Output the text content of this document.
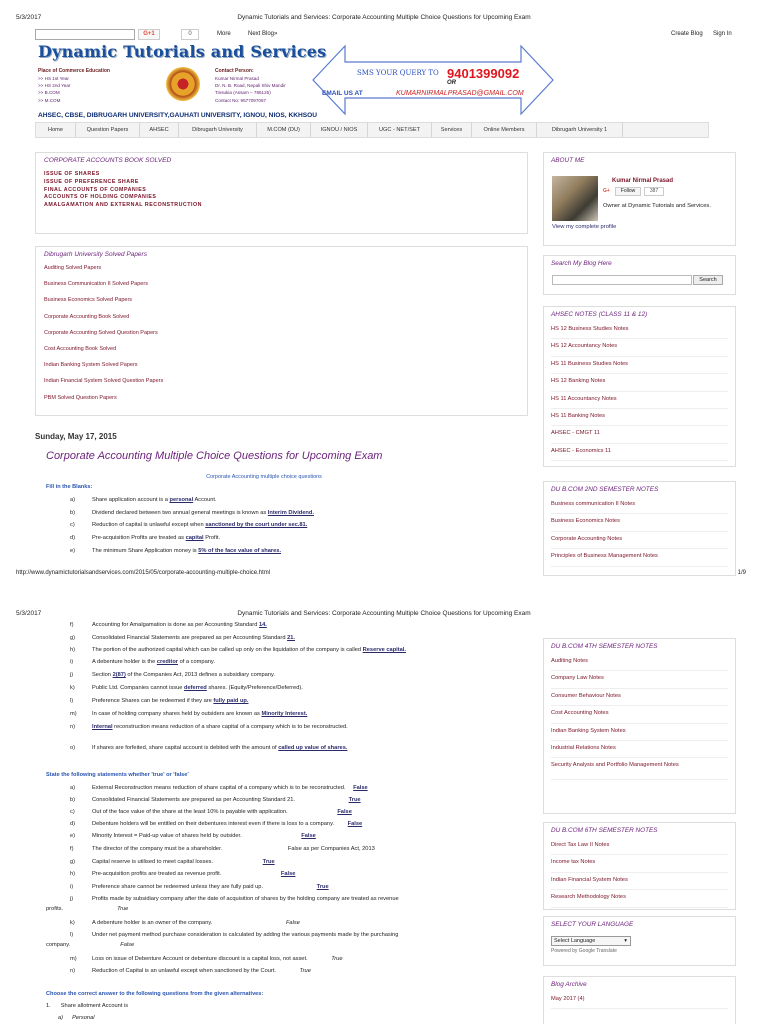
5/3/2017	Dynamic Tutorials and Services: Corporate Accounting Multiple Choice Questions for Upcoming Exam
G+1	0	More	Next Blog»	Create Blog Sign In
Dynamic Tutorials and Services
Place of Commerce Education
>> HS 1st Year
>> HS 2nd Year
>> B.COM
>> M.COM
Contact Person:
Kumar Nirmal Prasad
Dr. N. B. Road, Nepali Shiv Mandir
Tinsukia (Assam – 786125)
Contact No: 9577097067
AHSEC, CBSE, DIBRUGARH UNIVERSITY,GAUHATI UNIVERSITY, IGNOU, NIOS, KKHSOU
SMS YOUR QUERY TO 9401399092
OR
EMAIL US AT	KUMARNIRMALPRASAD@GMAIL.COM
Home	Question Papers	AHSEC	Dibrugarh University	M.COM (DU)	IGNOU / NIOS	UGC - NET/SET	Services	Online Members	Dibrugarh University 1
CORPORATE ACCOUNTS BOOK SOLVED
ISSUE OF SHARES
ISSUE OF PREFERENCE SHARE
FINAL ACCOUNTS OF COMPANIES
ACCOUNTS OF HOLDING COMPANIES
AMALGAMATION AND EXTERNAL RECONSTRUCTION
Dibrugarh University Solved Papers
Auditing Solved Papers
Business Communication II Solved Papers
Business Economics Solved Papers
Corporate Accounting Book Solved
Corporate Accounting Solved Question Papers
Cost Accounting Book Solved
Indian Banking System Solved Papers
Indian Financial System Solved Question Papers
PBM Solved Question Papers
Sunday, May 17, 2015
Corporate Accounting Multiple Choice Questions for Upcoming Exam
Corporate Accounting multiple choice questions
Fill in the Blanks:
a)	Share application account is a personal Account.
b)	Dividend declared between two annual general meetings is known as Interim Dividend.
c)	Reduction of capital is unlawful except when sanctioned by the court under sec.81.
d)	Pre-acquisition Profits are treated as capital Profit.
e)	The minimum Share Application money is 5% of the face value of shares.
ABOUT ME
Kumar Nirmal Prasad
G+	Follow	387
Owner at Dynamic Tutorials and Services.
View my complete profile
Search My Blog Here
AHSEC NOTES (CLASS 11 & 12)
HS 12 Business Studies Notes
HS 12 Accountancy Notes
HS 11 Business Studies Notes
HS 12 Banking Notes
HS 11 Accountancy Notes
HS 11 Banking Notes
AHSEC - CMGT 11
AHSEC - Economics 11
DU B.COM 2ND SEMESTER NOTES
Business communication II Notes
Business Economics Notes
Corporate Accounting Notes
Principles of Business Management Notes
Search
http://www.dynamictutorialsandservices.com/2015/05/corporate-accounting-multiple-choice.html	1/9
5/3/2017	Dynamic Tutorials and Services: Corporate Accounting Multiple Choice Questions for Upcoming Exam
f)	Accounting for Amalgamation is done as per Accounting Standard 14.
g)	Consolidated Financial Statements are prepared as per Accounting Standard 21.
h)	The portion of the authorized capital which can be called up only on the liquidation of the company is called Reserve capital.
i)	A debenture holder is the creditor of a company.
j)	Section 2(87) of the Companies Act, 2013 defines a subsidiary company.
k)	Public Ltd. Companies cannot issue deferred shares. (Equity/Preference/Deferred).
l)	Preference Shares can be redeemed if they are fully paid up.
m)	In case of holding company shares held by outsiders are known as Minority Interest.
n)	Internal reconstruction means reduction of a share capital of a company which is to be reconstructed.
o)	If shares are forfeited, share capital account is debited with the amount of called up value of shares.
State the following statements whether 'true' or 'false'
a)	External Reconstruction means reduction of share capital of a company which is to be reconstructed. False
b)	Consolidated Financial Statements are prepared as per Accounting Standard 21.	True
c)	Out of the face value of the share at the least 10% is payable with application.	False
d)	Debenture holders will be entitled on their debentures interest even if there is loss to a company. False
e)	Minority Interest = Paid-up value of shares held by outsider.	False
f)	The director of the company must be a shareholder.	False as per Companies Act, 2013
g)	Capital reserve is utilised to meet capital losses.	True
h)	Pre-acquisition profits are treated as revenue profit.	False
i)	Preference share cannot be redeemed unless they are fully paid up.	True
j)	Profits made by subsidiary company after the date of acquisition of shares by the holding company are treated as revenue
profits.	True
k)	A debenture holder is an owner of the company.	False
l)	Under net payment method purchase consideration is calculated by adding the various payments made by the purchasing
company.	False
m)	Loss on issue of Debenture Account or debenture discount is a capital loss, not asset.	True
n)	Reduction of Capital is an unlawful except when sanctioned by the Court.	True
Choose the correct answer to the following questions from the given alternatives:
1. Share allotment Account is
a) Personal
DU B.COM 4TH SEMESTER NOTES
Auditing Notes
Company Law Notes
Consumer Behaviour Notes
Cost Accounting Notes
Indian Banking System Notes
Industrial Relations Notes
Security Analysis and Portfolio Management Notes
DU B.COM 6TH SEMESTER NOTES
Direct Tax Law II Notes
Income tax Notes
Indian Financial System Notes
Research Methodology Notes
SELECT YOUR LANGUAGE
Select Language	▾
Powered by Google Translate
Blog Archive
May 2017 (4)
